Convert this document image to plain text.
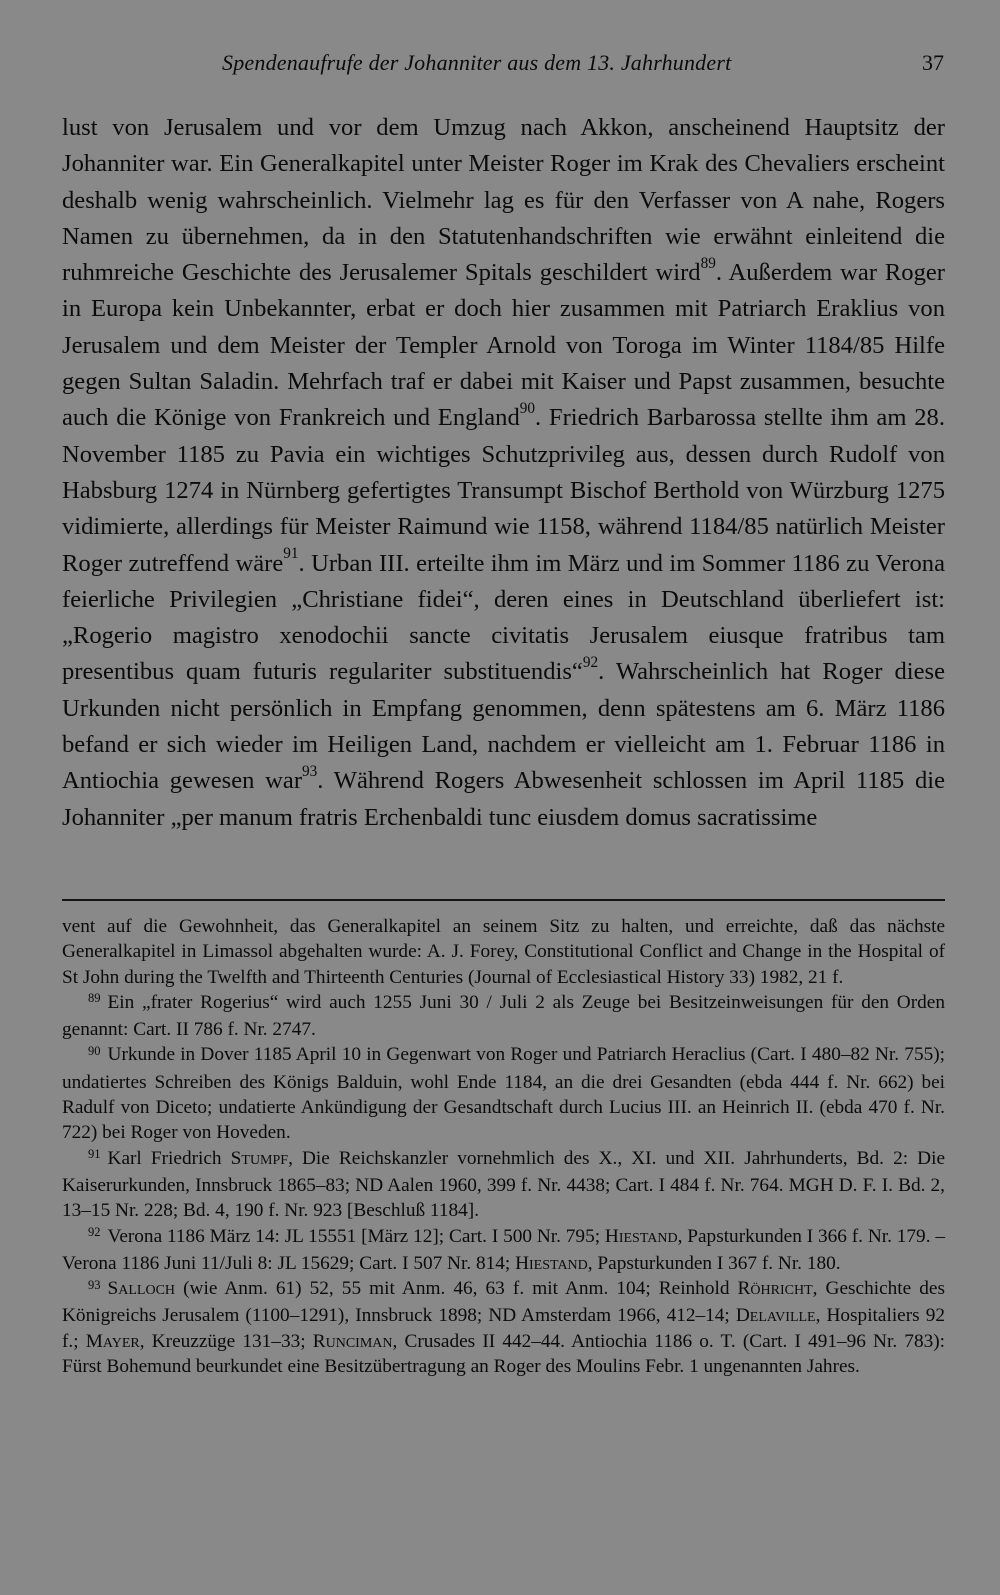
Spendenaufrufe der Johanniter aus dem 13. Jahrhundert	37

lust von Jerusalem und vor dem Umzug nach Akkon, anscheinend Hauptsitz der Johanniter war. Ein Generalkapitel unter Meister Roger im Krak des Chevaliers erscheint deshalb wenig wahrscheinlich. Vielmehr lag es für den Verfasser von A nahe, Rogers Namen zu übernehmen, da in den Statutenhandschriften wie erwähnt einleitend die ruhmreiche Geschichte des Jerusalemer Spitals geschildert wird$^{89}$. Außerdem war Roger in Europa kein Unbekannter, erbat er doch hier zusammen mit Patriarch Eraklius von Jerusalem und dem Meister der Templer Arnold von Toroga im Winter 1184/85 Hilfe gegen Sultan Saladin. Mehrfach traf er dabei mit Kaiser und Papst zusammen, besuchte auch die Könige von Frankreich und England$^{90}$. Friedrich Barbarossa stellte ihm am 28. November 1185 zu Pavia ein wichtiges Schutzprivileg aus, dessen durch Rudolf von Habsburg 1274 in Nürnberg gefertigtes Transumpt Bischof Berthold von Würzburg 1275 vidimierte, allerdings für Meister Raimund wie 1158, während 1184/85 natürlich Meister Roger zutreffend wäre$^{91}$. Urban III. erteilte ihm im März und im Sommer 1186 zu Verona feierliche Privilegien „Christiane fidei“, deren eines in Deutschland überliefert ist: „Rogerio magistro xenodochii sancte civitatis Jerusalem eiusque fratribus tam presentibus quam futuris regulariter substituendis“$^{92}$. Wahrscheinlich hat Roger diese Urkunden nicht persönlich in Empfang genommen, denn spätestens am 6. März 1186 befand er sich wieder im Heiligen Land, nachdem er vielleicht am 1. Februar 1186 in Antiochia gewesen war$^{93}$. Während Rogers Abwesenheit schlossen im April 1185 die Johanniter „per manum fratris Erchenbaldi tunc eiusdem domus sacratissime

vent auf die Gewohnheit, das Generalkapitel an seinem Sitz zu halten, und erreichte, daß das nächste Generalkapitel in Limassol abgehalten wurde: A. J. Forey, Constitutional Conflict and Change in the Hospital of St John during the Twelfth and Thirteenth Centuries (Journal of Ecclesiastical History 33) 1982, 21 f.

$^{89}$ Ein „frater Rogerius“ wird auch 1255 Juni 30 / Juli 2 als Zeuge bei Besitzeinweisungen für den Orden genannt: Cart. II 786 f. Nr. 2747.

$^{90}$ Urkunde in Dover 1185 April 10 in Gegenwart von Roger und Patriarch Heraclius (Cart. I 480–82 Nr. 755); undatiertes Schreiben des Königs Balduin, wohl Ende 1184, an die drei Gesandten (ebda 444 f. Nr. 662) bei Radulf von Diceto; undatierte Ankündigung der Gesandtschaft durch Lucius III. an Heinrich II. (ebda 470 f. Nr. 722) bei Roger von Hoveden.

$^{91}$ Karl Friedrich Stumpf, Die Reichskanzler vornehmlich des X., XI. und XII. Jahrhunderts, Bd. 2: Die Kaiserurkunden, Innsbruck 1865–83; ND Aalen 1960, 399 f. Nr. 4438; Cart. I 484 f. Nr. 764. MGH D. F. I. Bd. 2, 13–15 Nr. 228; Bd. 4, 190 f. Nr. 923 [Beschluß 1184].

$^{92}$ Verona 1186 März 14: JL 15551 [März 12]; Cart. I 500 Nr. 795; Hiestand, Papsturkunden I 366 f. Nr. 179. – Verona 1186 Juni 11/Juli 8: JL 15629; Cart. I 507 Nr. 814; Hiestand, Papsturkunden I 367 f. Nr. 180.

$^{93}$ Salloch (wie Anm. 61) 52, 55 mit Anm. 46, 63 f. mit Anm. 104; Reinhold Röhricht, Geschichte des Königreichs Jerusalem (1100–1291), Innsbruck 1898; ND Amsterdam 1966, 412–14; Delaville, Hospitaliers 92 f.; Mayer, Kreuzzüge 131–33; Runciman, Crusades II 442–44. Antiochia 1186 o. T. (Cart. I 491–96 Nr. 783): Fürst Bohemund beurkundet eine Besitzübertragung an Roger des Moulins Febr. 1 ungenannten Jahres.
